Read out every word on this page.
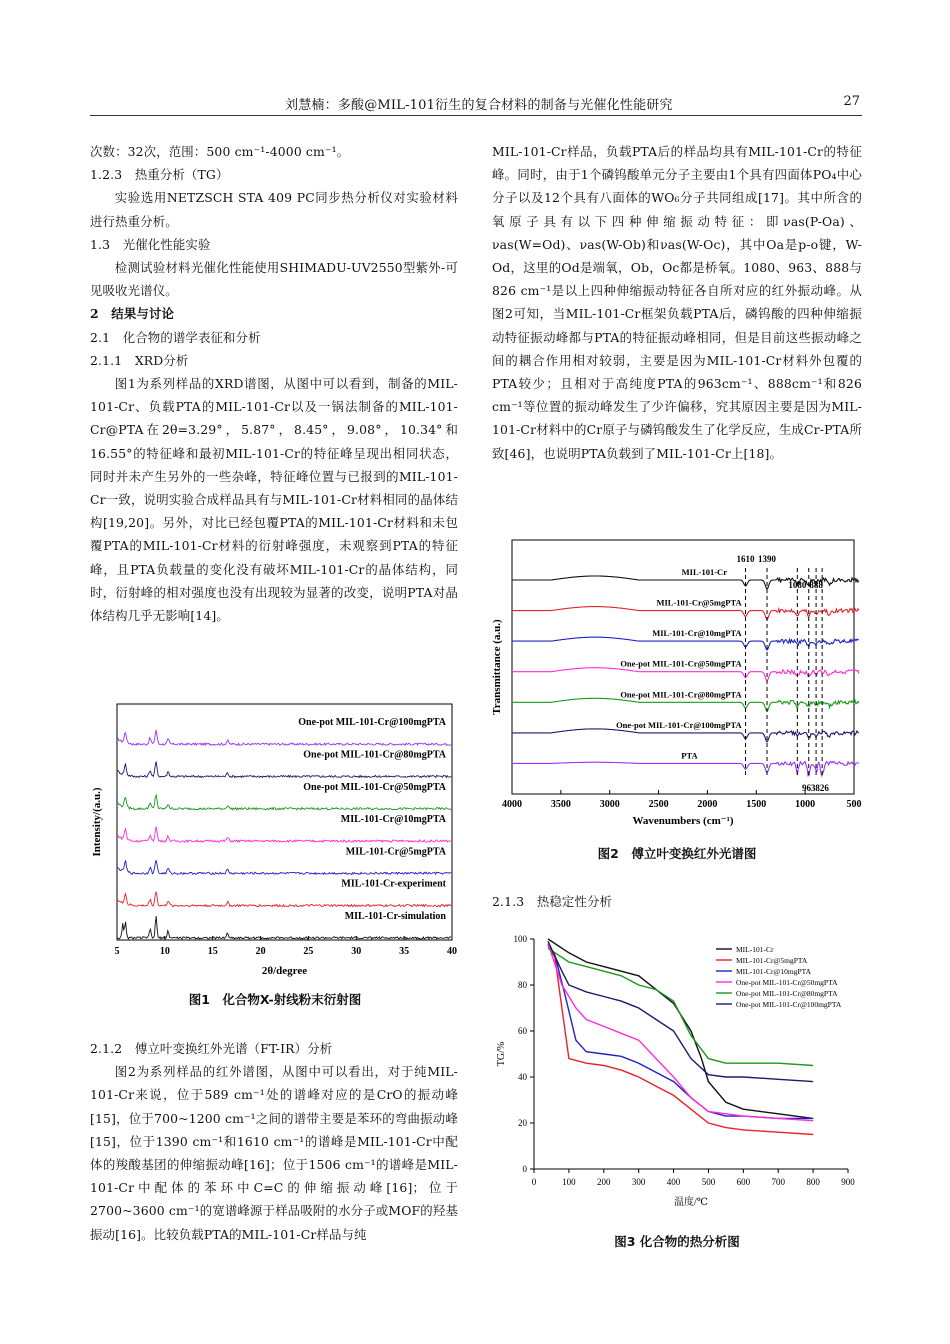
刘慧楠：多酸@MIL-101衍生的复合材料的制备与光催化性能研究	27

次数：32次，范围：500 cm⁻¹-4000 cm⁻¹。

1.2.3　热重分析（TG）

实验选用NETZSCH STA 409 PC同步热分析仪对实验材料进行热重分析。

1.3　光催化性能实验

检测试验材料光催化性能使用SHIMADU-UV2550型紫外-可见吸收光谱仪。

2　结果与讨论

2.1　化合物的谱学表征和分析

2.1.1　XRD分析

图1为系列样品的XRD谱图，从图中可以看到，制备的MIL-101-Cr、负载PTA的MIL-101-Cr以及一锅法制备的MIL-101-Cr@PTA在2θ=3.29°，5.87°，8.45°，9.08°，10.34°和16.55°的特征峰和最初MIL-101-Cr的特征峰呈现出相同状态，同时并未产生另外的一些杂峰，特征峰位置与已报到的MIL-101-Cr一致，说明实验合成样品具有与MIL-101-Cr材料相同的晶体结构[19,20]。另外，对比已经包覆PTA的MIL-101-Cr材料和未包覆PTA的MIL-101-Cr材料的衍射峰强度，未观察到PTA的特征峰，且PTA负载量的变化没有破坏MIL-101-Cr的晶体结构，同时，衍射峰的相对强度也没有出现较为显著的改变，说明PTA对晶体结构几乎无影响[14]。

5	10	15	20	25	30	35	40
2θ/degree
Intensity/(a.u.)
One-pot MIL-101-Cr@100mgPTA
One-pot MIL-101-Cr@80mgPTA
One-pot MIL-101-Cr@50mgPTA
MIL-101-Cr@10mgPTA
MIL-101-Cr@5mgPTA
MIL-101-Cr-experiment
MIL-101-Cr-simulation
图1　化合物X-射线粉末衍射图

2.1.2　傅立叶变换红外光谱（FT-IR）分析

图2为系列样品的红外谱图，从图中可以看出，对于纯MIL-101-Cr来说，位于589 cm⁻¹处的谱峰对应的是CrO的振动峰[15]，位于700~1200 cm⁻¹之间的谱带主要是苯环的弯曲振动峰[15]，位于1390 cm⁻¹和1610 cm⁻¹的谱峰是MIL-101-Cr中配体的羧酸基团的伸缩振动峰[16]；位于1506 cm⁻¹的谱峰是MIL-101-Cr中配体的苯环中C=C的伸缩振动峰[16]；位于2700~3600 cm⁻¹的宽谱峰源于样品吸附的水分子或MOF的羟基振动[16]。比较负载PTA的MIL-101-Cr样品与纯

MIL-101-Cr样品，负载PTA后的样品均具有MIL-101-Cr的特征峰。同时，由于1个磷钨酸单元分子主要由1个具有四面体PO₄中心分子以及12个具有八面体的WO₆分子共同组成[17]。其中所含的氧原子具有以下四种伸缩振动特征：即νas(P-Oa)、νas(W=Od)、νas(W-Ob)和νas(W-Oc)，其中Oa是p-o键，W-Od，这里的Od是端氧，Ob，Oc都是桥氧。1080、963、888与826 cm⁻¹是以上四种伸缩振动特征各自所对应的红外振动峰。从图2可知，当MIL-101-Cr框架负载PTA后，磷钨酸的四种伸缩振动特征振动峰都与PTA的特征振动峰相同，但是目前这些振动峰之间的耦合作用相对较弱，主要是因为MIL-101-Cr材料外包覆的PTA较少；且相对于高纯度PTA的963cm⁻¹、888cm⁻¹和826 cm⁻¹等位置的振动峰发生了少许偏移，究其原因主要是因为MIL-101-Cr材料中的Cr原子与磷钨酸发生了化学反应，生成Cr-PTA所致[46]，也说明PTA负载到了MIL-101-Cr上[18]。

4000	3500	3000	2500	2000	1500	1000	500
Wavenumbers (cm⁻¹)
Transmittance (a.u.)
MIL-101-Cr
MIL-101-Cr@5mgPTA
MIL-101-Cr@10mgPTA
One-pot MIL-101-Cr@50mgPTA
One-pot MIL-101-Cr@80mgPTA
One-pot MIL-101-Cr@100mgPTA
PTA
1610 1390
1080 888
963 826
图2　傅立叶变换红外光谱图

2.1.3　热稳定性分析

0	100 200 300 400 500 600 700 800 900
0
20
40
60
80
100
温度/℃
TG/%
MIL-101-Cr
MIL-101-Cr@5mgPTA
MIL-101-Cr@10mgPTA
One-pot MIL-101-Cr@50mgPTA
One-pot MIL-101-Cr@80mgPTA
One-pot MIL-101-Cr@100mgPTA
图3 化合物的热分析图
